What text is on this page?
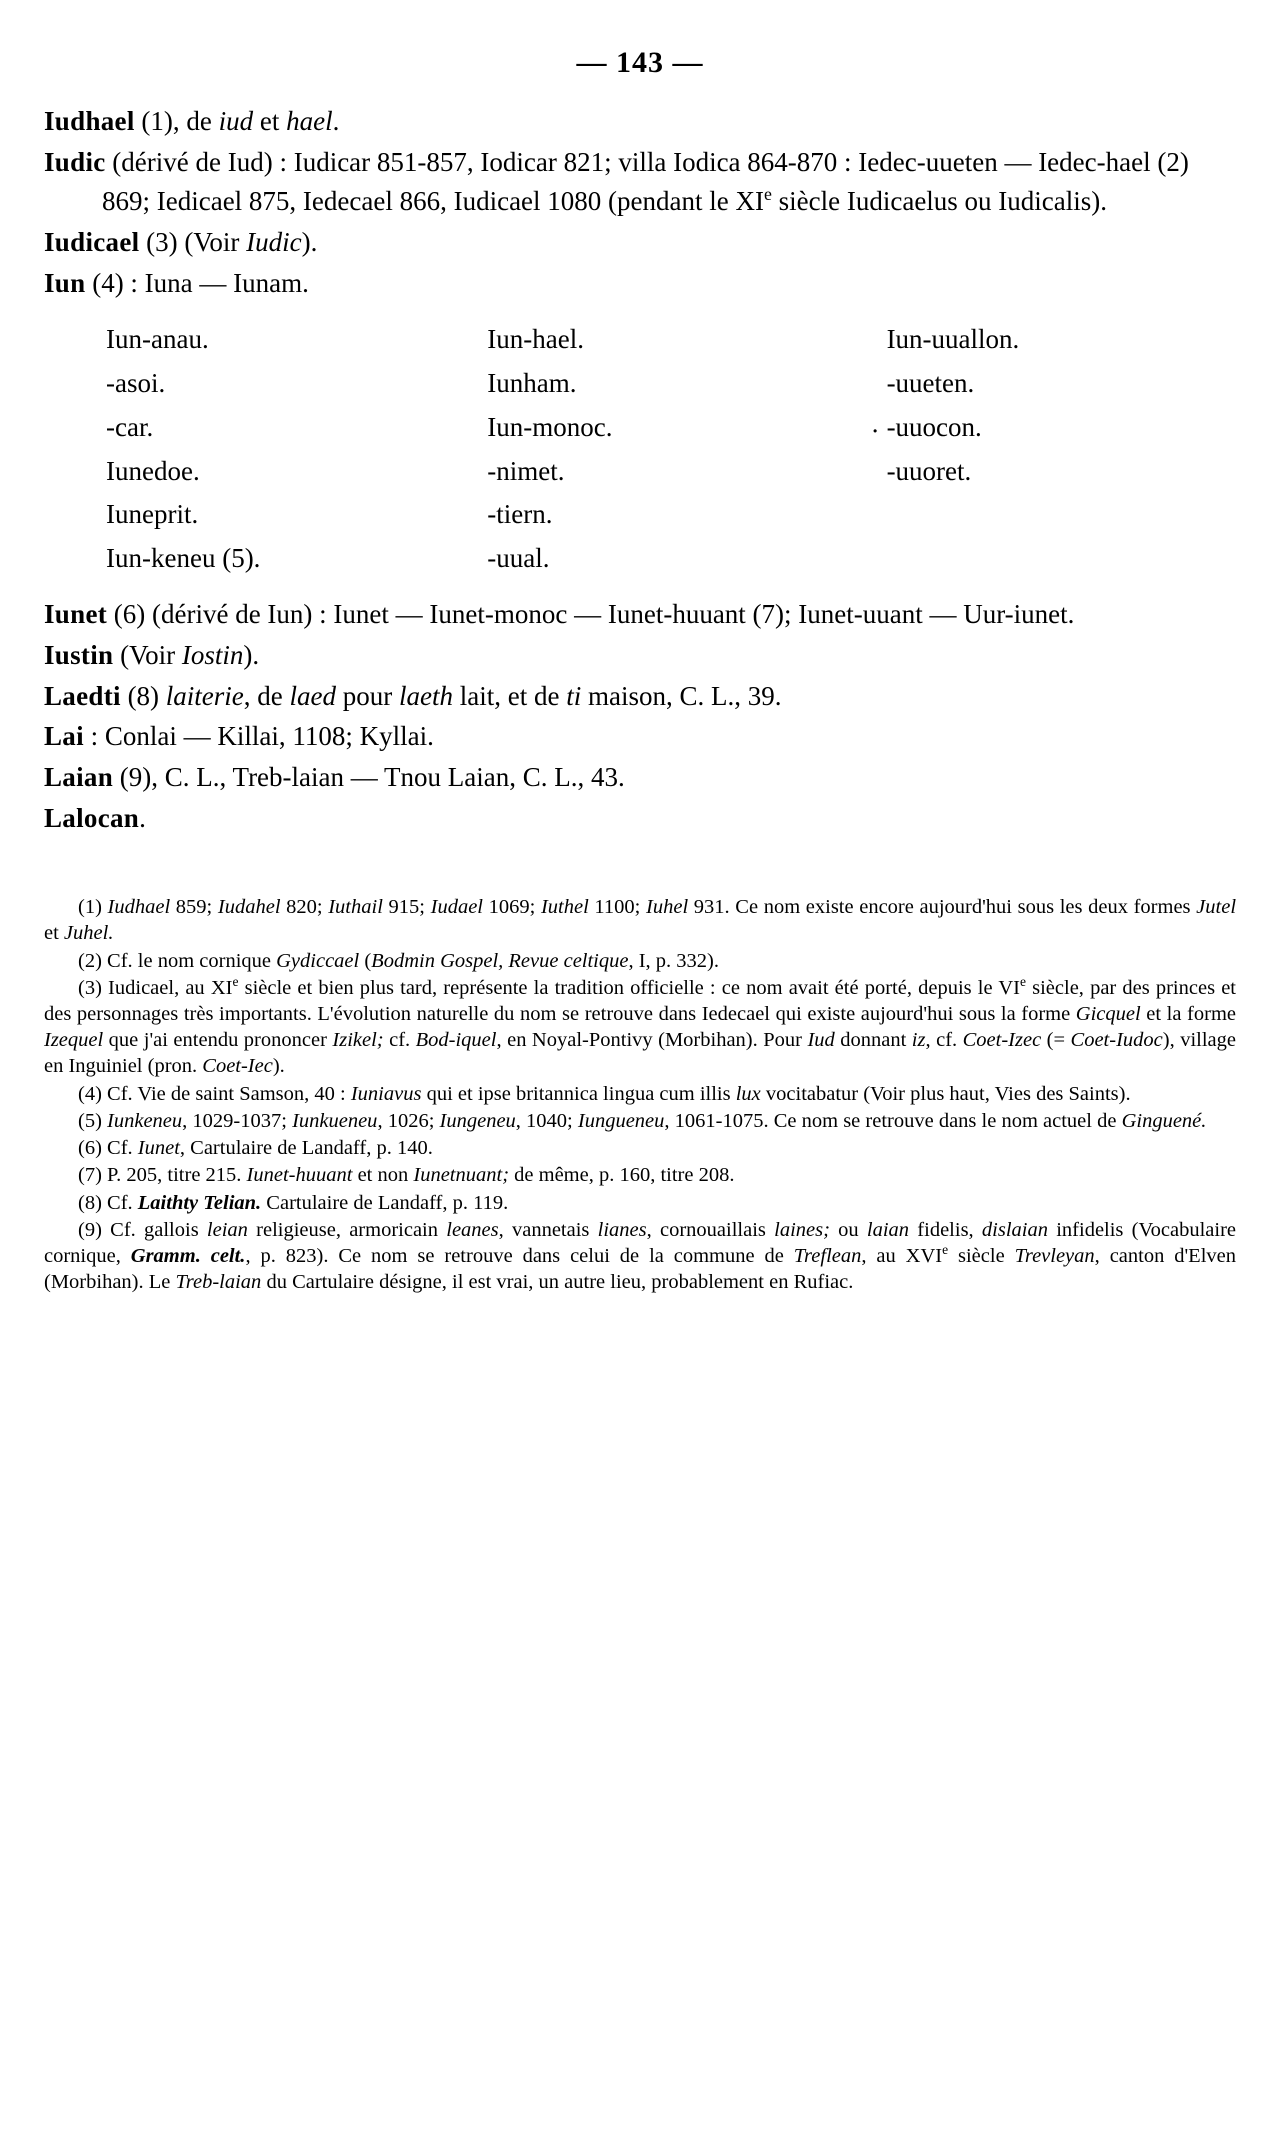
— 143 —

Iudhael (1), de iud et hael.

Iudic (dérivé de Iud) : Iudicar 851-857, Iodicar 821; villa Iodica 864-870 : Iedec-uueten — Iedec-hael (2) 869; Iedicael 875, Iedecael 866, Iudicael 1080 (pendant le XIe siècle Iudicaelus ou Iudicalis).

Iudicael (3) (Voir Iudic).

Iun (4) : Iuna — Iunam.

Iun-anau.	Iun-hael.	Iun-uuallon.
-asoi.	Iunham.	-uueten.
-car.	Iun-monoc.	· -uuocon.
Iunedoe.	-nimet.	-uuoret.
Iuneprit.	-tiern.
Iun-keneu (5).	-uual.

Iunet (6) (dérivé de Iun) : Iunet — Iunet-monoc — Iunet-huuant (7); Iunet-uuant — Uur-iunet.

Iustin (Voir Iostin).

Laedti (8) laiterie, de laed pour laeth lait, et de ti maison, C. L., 39.

Lai : Conlai — Killai, 1108; Kyllai.

Laian (9), C. L., Treb-laian — Tnou Laian, C. L., 43.

Lalocan.

(1) Iudhael 859; Iudahel 820; Iuthail 915; Iudael 1069; Iuthel 1100; Iuhel 931. Ce nom existe encore aujourd'hui sous les deux formes Jutel et Juhel.

(2) Cf. le nom cornique Gydiccael (Bodmin Gospel, Revue celtique, I, p. 332).

(3) Iudicael, au XIe siècle et bien plus tard, représente la tradition officielle : ce nom avait été porté, depuis le VIe siècle, par des princes et des personnages très importants. L'évolution naturelle du nom se retrouve dans Iedecael qui existe aujourd'hui sous la forme Gicquel et la forme Izequel que j'ai entendu prononcer Izikel; cf. Bod-iquel, en Noyal-Pontivy (Morbihan). Pour Iud donnant iz, cf. Coet-Izec (= Coet-Iudoc), village en Inguiniel (pron. Coet-Iec).

(4) Cf. Vie de saint Samson, 40 : Iuniavus qui et ipse britannica lingua cum illis lux vocitabatur (Voir plus haut, Vies des Saints).

(5) Iunkeneu, 1029-1037; Iunkueneu, 1026; Iungeneu, 1040; Iungueneu, 1061-1075. Ce nom se retrouve dans le nom actuel de Ginguené.

(6) Cf. Iunet, Cartulaire de Landaff, p. 140.

(7) P. 205, titre 215. Iunet-huuant et non Iunetnuant; de même, p. 160, titre 208.

(8) Cf. Laithty Telian. Cartulaire de Landaff, p. 119.

(9) Cf. gallois leian religieuse, armoricain leanes, vannetais lianes, cornouaillais laines; ou laian fidelis, dislaian infidelis (Vocabulaire cornique, Gramm. celt., p. 823). Ce nom se retrouve dans celui de la commune de Treflean, au XVIe siècle Trevleyan, canton d'Elven (Morbihan). Le Treb-laian du Cartulaire désigne, il est vrai, un autre lieu, probablement en Rufiac.
